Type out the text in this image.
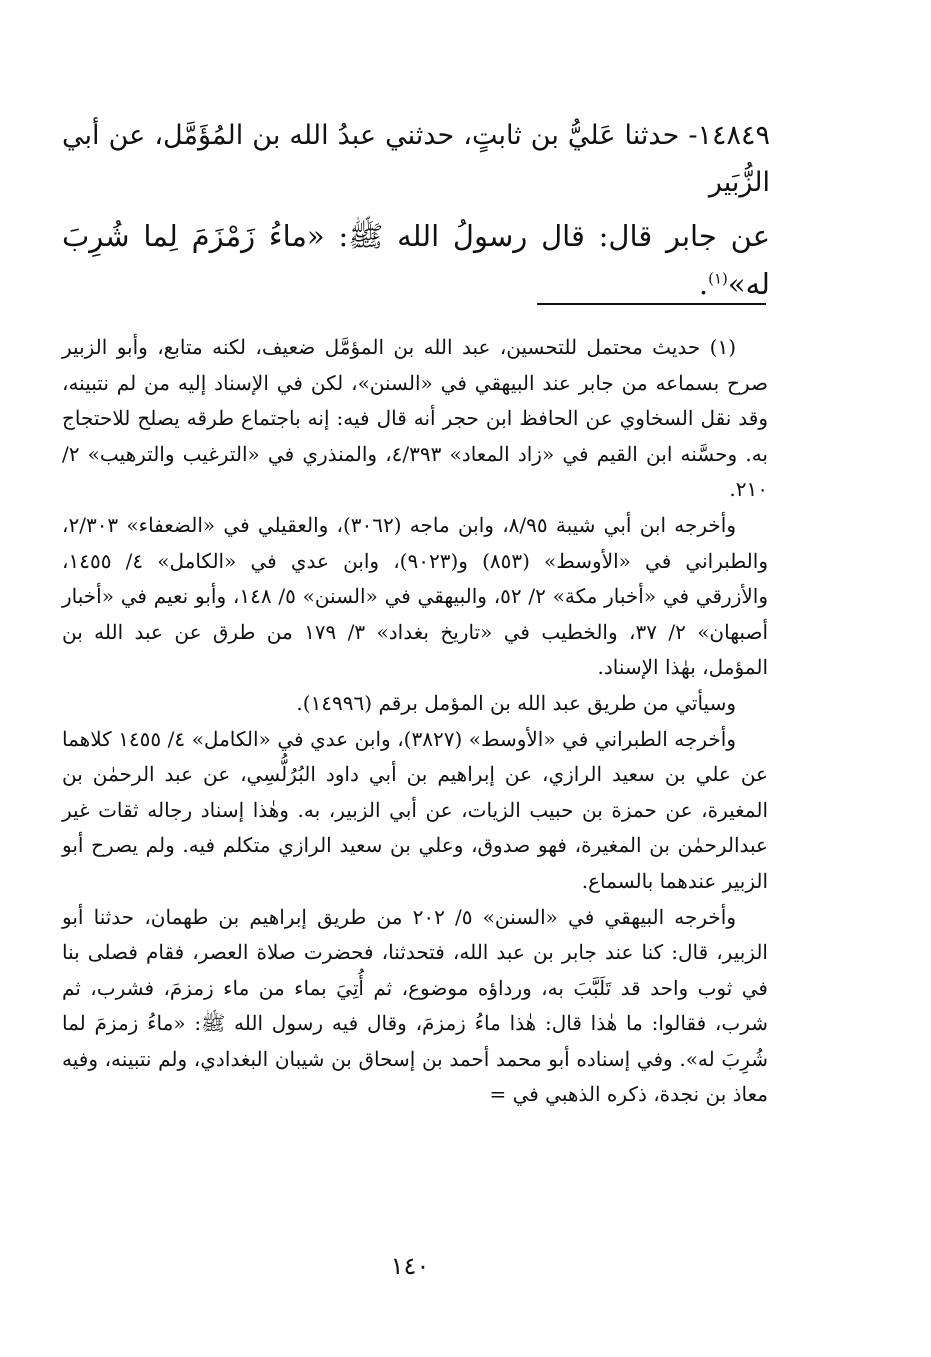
١٤٨٤٩- حدثنا عَليُّ بن ثابتٍ، حدثني عبدُ الله بن المُؤَمَّل، عن أبي الزُّبَير

عن جابر قال: قال رسولُ الله ﷺ: «ماءُ زَمْزَمَ لِما شُرِبَ له»$^{(١)}$.

(١) حديث محتمل للتحسين، عبد الله بن المؤمَّل ضعيف، لكنه متابع، وأبو الزبير صرح بسماعه من جابر عند البيهقي في «السنن»، لكن في الإسناد إليه من لم نتبينه، وقد نقل السخاوي عن الحافظ ابن حجر أنه قال فيه: إنه باجتماع طرقه يصلح للاحتجاج به. وحسَّنه ابن القيم في «زاد المعاد» ٤/٣٩٣، والمنذري في «الترغيب والترهيب» ٢/ ٢١٠.

وأخرجه ابن أبي شيبة ٨/٩٥، وابن ماجه (٣٠٦٢)، والعقيلي في «الضعفاء» ٢/٣٠٣، والطبراني في «الأوسط» (٨٥٣) و(٩٠٢٣)، وابن عدي في «الكامل» ٤/ ١٤٥٥، والأزرقي في «أخبار مكة» ٢/ ٥٢، والبيهقي في «السنن» ٥/ ١٤٨، وأبو نعيم في «أخبار أصبهان» ٢/ ٣٧، والخطيب في «تاريخ بغداد» ٣/ ١٧٩ من طرق عن عبد الله بن المؤمل، بهٰذا الإسناد.

وسيأتي من طريق عبد الله بن المؤمل برقم (١٤٩٩٦).

وأخرجه الطبراني في «الأوسط» (٣٨٢٧)، وابن عدي في «الكامل» ٤/ ١٤٥٥ كلاهما عن علي بن سعيد الرازي، عن إبراهيم بن أبي داود البُرُلُّسِي، عن عبد الرحمٰن بن المغيرة، عن حمزة بن حبيب الزيات، عن أبي الزبير، به. وهٰذا إسناد رجاله ثقات غير عبدالرحمٰن بن المغيرة، فهو صدوق، وعلي بن سعيد الرازي متكلم فيه. ولم يصرح أبو الزبير عندهما بالسماع.

وأخرجه البيهقي في «السنن» ٥/ ٢٠٢ من طريق إبراهيم بن طهمان، حدثنا أبو الزبير، قال: كنا عند جابر بن عبد الله، فتحدثنا، فحضرت صلاة العصر، فقام فصلى بنا في ثوب واحد قد تَلَبَّبَ به، ورداؤه موضوع، ثم أُتِيَ بماء من ماء زمزمَ، فشرب، ثم شرب، فقالوا: ما هٰذا قال: هٰذا ماءُ زمزمَ، وقال فيه رسول الله ﷺ: «ماءُ زمزمَ لما شُرِبَ له». وفي إسناده أبو محمد أحمد بن إسحاق بن شيبان البغدادي، ولم نتبينه، وفيه معاذ بن نجدة، ذكره الذهبي في =

١٤٠
